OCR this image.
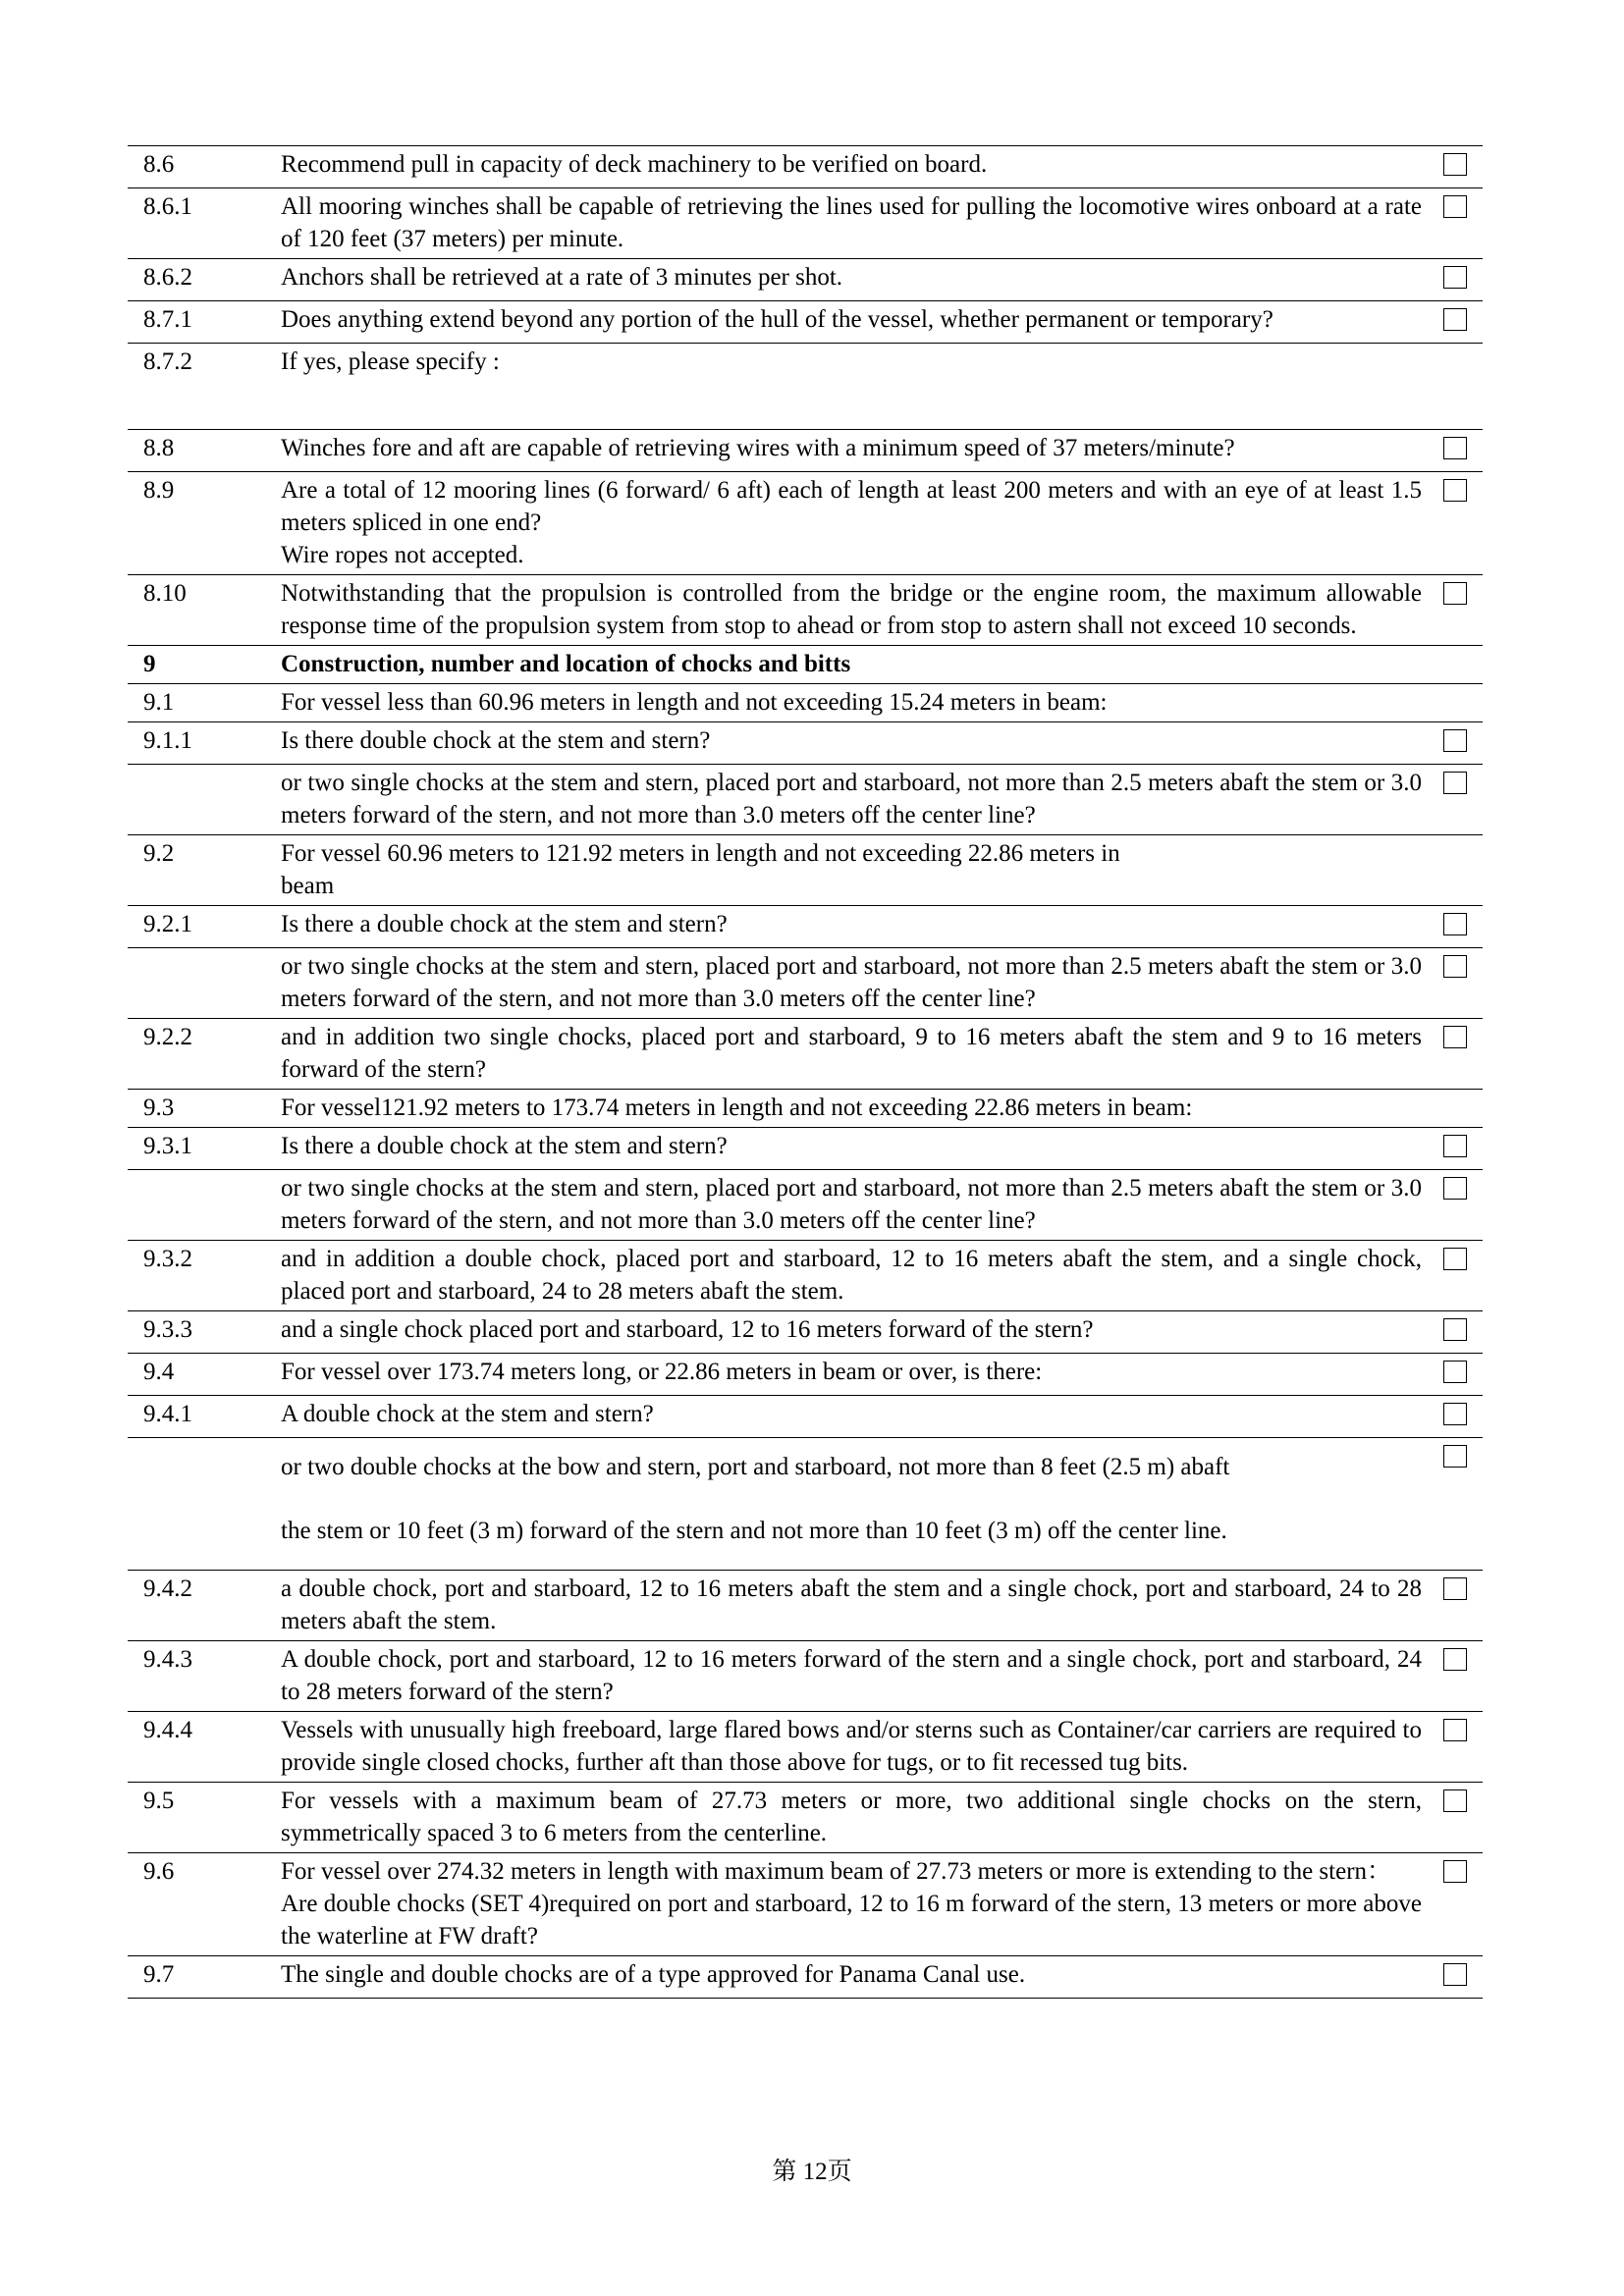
8.6	Recommend pull in capacity of deck machinery to be verified on board.	
8.6.1	All mooring winches shall be capable of retrieving the lines used for pulling the locomotive wires onboard at a rate of 120 feet (37 meters) per minute.	
8.6.2	Anchors shall be retrieved at a rate of 3 minutes per shot.	
8.7.1	Does anything extend beyond any portion of the hull of the vessel, whether permanent or temporary?	
8.7.2	If yes, please specify :	
8.8	Winches fore and aft are capable of retrieving wires with a minimum speed of 37 meters/minute?	
8.9	Are a total of 12 mooring lines (6 forward/ 6 aft) each of length at least 200 meters and with an eye of at least 1.5 meters spliced in one end?
Wire ropes not accepted.	

8.10	Notwithstanding that the propulsion is controlled from the bridge or the engine room, the maximum allowable response time of the propulsion system from stop to ahead or from stop to astern shall not exceed 10 seconds.	
9	Construction, number and location of chocks and bitts	
9.1	For vessel less than 60.96 meters in length and not exceeding 15.24 meters in beam:	
9.1.1	Is there double chock at the stem and stern?	
	or two single chocks at the stem and stern, placed port and starboard, not more than 2.5 meters abaft the stem or 3.0 meters forward of the stern, and not more than 3.0 meters off the center line?	
9.2	For vessel 60.96 meters to 121.92 meters in length and not exceeding 22.86 meters in
beam	

9.2.1	Is there a double chock at the stem and stern?	
	or two single chocks at the stem and stern, placed port and starboard, not more than 2.5 meters abaft the stem or 3.0 meters forward of the stern, and not more than 3.0 meters off the center line?	
9.2.2	and in addition two single chocks, placed port and starboard, 9 to 16 meters abaft the stem and 9 to 16 meters forward of the stern?	
9.3	For vessel121.92 meters to 173.74 meters in length and not exceeding 22.86 meters in beam:	
9.3.1	Is there a double chock at the stem and stern?	
	or two single chocks at the stem and stern, placed port and starboard, not more than 2.5 meters abaft the stem or 3.0 meters forward of the stern, and not more than 3.0 meters off the center line?	
9.3.2	and in addition a double chock, placed port and starboard, 12 to 16 meters abaft the stem, and a single chock, placed port and starboard, 24 to 28 meters abaft the stem.	
9.3.3	and a single chock placed port and starboard, 12 to 16 meters forward of the stern?	
9.4	For vessel over 173.74 meters long, or 22.86 meters in beam or over, is there:	
9.4.1	A double chock at the stem and stern?	

	or two double chocks at the bow and stern, port and starboard, not more than 8 feet (2.5 m) abaft
the stem or 10 feet (3 m) forward of the stern and not more than 10 feet (3 m) off the center line.	

9.4.2	a double chock, port and starboard, 12 to 16 meters abaft the stem and a single chock, port and starboard, 24 to 28 meters abaft the stem.	
9.4.3	A double chock, port and starboard, 12 to 16 meters forward of the stern and a single chock, port and starboard, 24 to 28 meters forward of the stern?	
9.4.4	Vessels with unusually high freeboard, large flared bows and/or sterns such as Container/car carriers are required to provide single closed chocks, further aft than those above for tugs, or to fit recessed tug bits.	
9.5	For vessels with a maximum beam of 27.73 meters or more, two additional single chocks on the stern, symmetrically spaced 3 to 6 meters from the centerline.	
9.6	For vessel over 274.32 meters in length with maximum beam of 27.73 meters or more is extending to the stern：
Are double chocks (SET 4)required on port and starboard, 12 to 16 m forward of the stern, 13 meters or more above the waterline at FW draft?	

9.7	The single and double chocks are of a type approved for Panama Canal use.	
第 12页
